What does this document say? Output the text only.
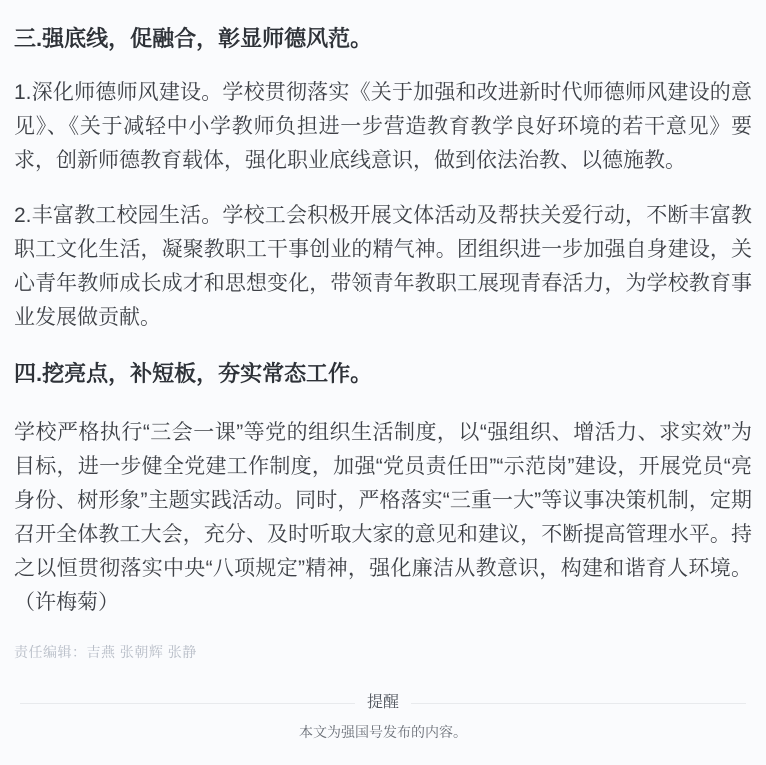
三.强底线，促融合，彰显师德风范。

1.深化师德师风建设。学校贯彻落实《关于加强和改进新时代师德师风建设的意见》、《关于减轻中小学教师负担进一步营造教育教学良好环境的若干意见》要求，创新师德教育载体，强化职业底线意识，做到依法治教、以德施教。

2.丰富教工校园生活。学校工会积极开展文体活动及帮扶关爱行动，不断丰富教职工文化生活，凝聚教职工干事创业的精气神。团组织进一步加强自身建设，关心青年教师成长成才和思想变化，带领青年教职工展现青春活力，为学校教育事业发展做贡献。

四.挖亮点，补短板，夯实常态工作。

学校严格执行“三会一课”等党的组织生活制度，以“强组织、增活力、求实效”为目标，进一步健全党建工作制度，加强“党员责任田”“示范岗”建设，开展党员“亮身份、树形象”主题实践活动。同时，严格落实“三重一大”等议事决策机制，定期召开全体教工大会，充分、及时听取大家的意见和建议，不断提高管理水平。持之以恒贯彻落实中央“八项规定”精神，强化廉洁从教意识，构建和谐育人环境。（许梅菊）

责任编辑：吉燕 张朝辉 张静
提醒
本文为强国号发布的内容。
